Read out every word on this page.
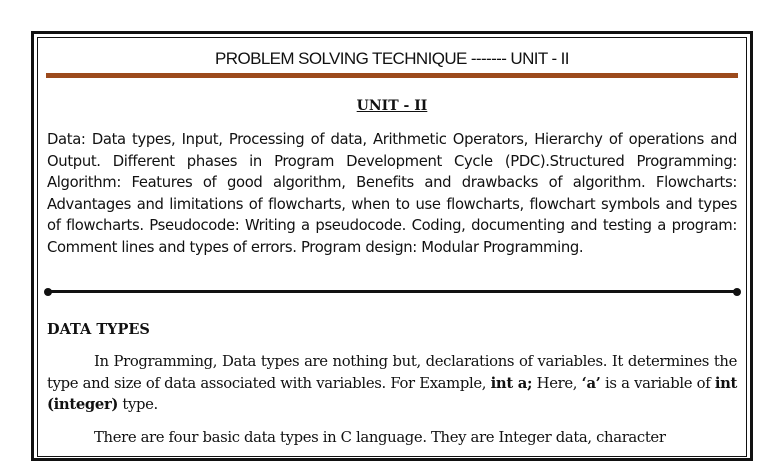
PROBLEM SOLVING TECHNIQUE ------- UNIT - II
UNIT - II
Data: Data types, Input, Processing of data, Arithmetic Operators, Hierarchy of operations and Output. Different phases in Program Development Cycle (PDC).Structured Programming: Algorithm: Features of good algorithm, Benefits and drawbacks of algorithm. Flowcharts: Advantages and limitations of flowcharts, when to use flowcharts, flowchart symbols and types of flowcharts. Pseudocode: Writing a pseudocode. Coding, documenting and testing a program: Comment lines and types of errors. Program design: Modular Programming.
DATA TYPES
In Programming, Data types are nothing but, declarations of variables. It determines the type and size of data associated with variables. For Example, int a; Here, ‘a’ is a variable of int (integer) type.
There are four basic data types in C language. They are Integer data, character
